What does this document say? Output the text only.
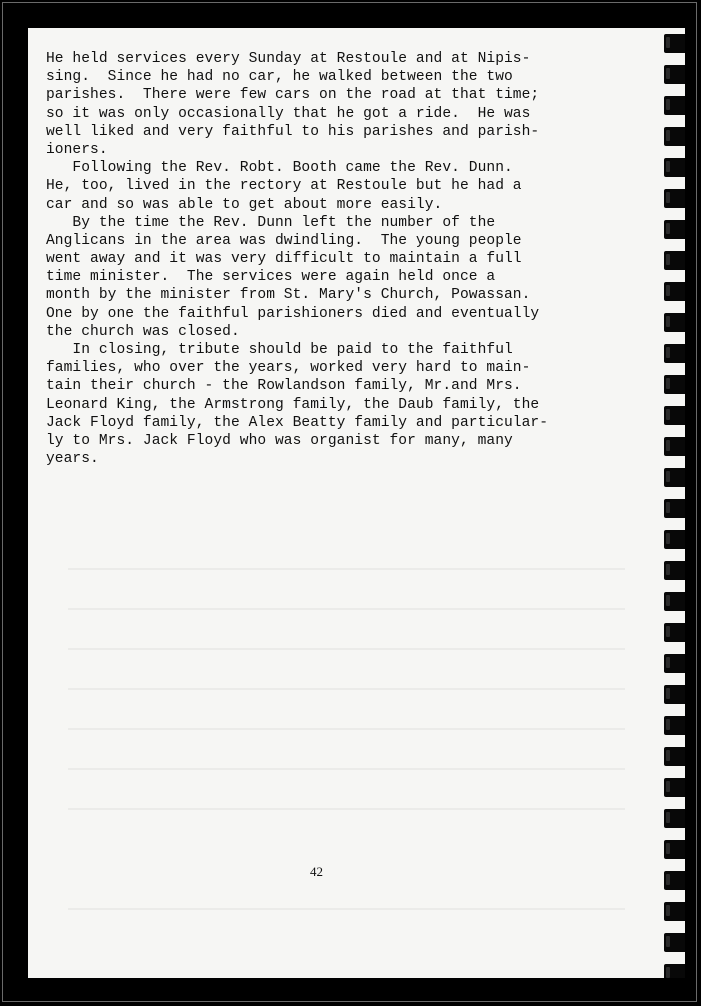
He held services every Sunday at Restoule and at Nipis-
sing.  Since he had no car, he walked between the two
parishes.  There were few cars on the road at that time;
so it was only occasionally that he got a ride.  He was
well liked and very faithful to his parishes and parish-
ioners.
Following the Rev. Robt. Booth came the Rev. Dunn.
He, too, lived in the rectory at Restoule but he had a
car and so was able to get about more easily.
By the time the Rev. Dunn left the number of the
Anglicans in the area was dwindling.  The young people
went away and it was very difficult to maintain a full
time minister.  The services were again held once a
month by the minister from St. Mary's Church, Powassan.
One by one the faithful parishioners died and eventually
the church was closed.
In closing, tribute should be paid to the faithful
families, who over the years, worked very hard to main-
tain their church - the Rowlandson family, Mr.and Mrs.
Leonard King, the Armstrong family, the Daub family, the
Jack Floyd family, the Alex Beatty family and particular-
ly to Mrs. Jack Floyd who was organist for many, many
years.
42
